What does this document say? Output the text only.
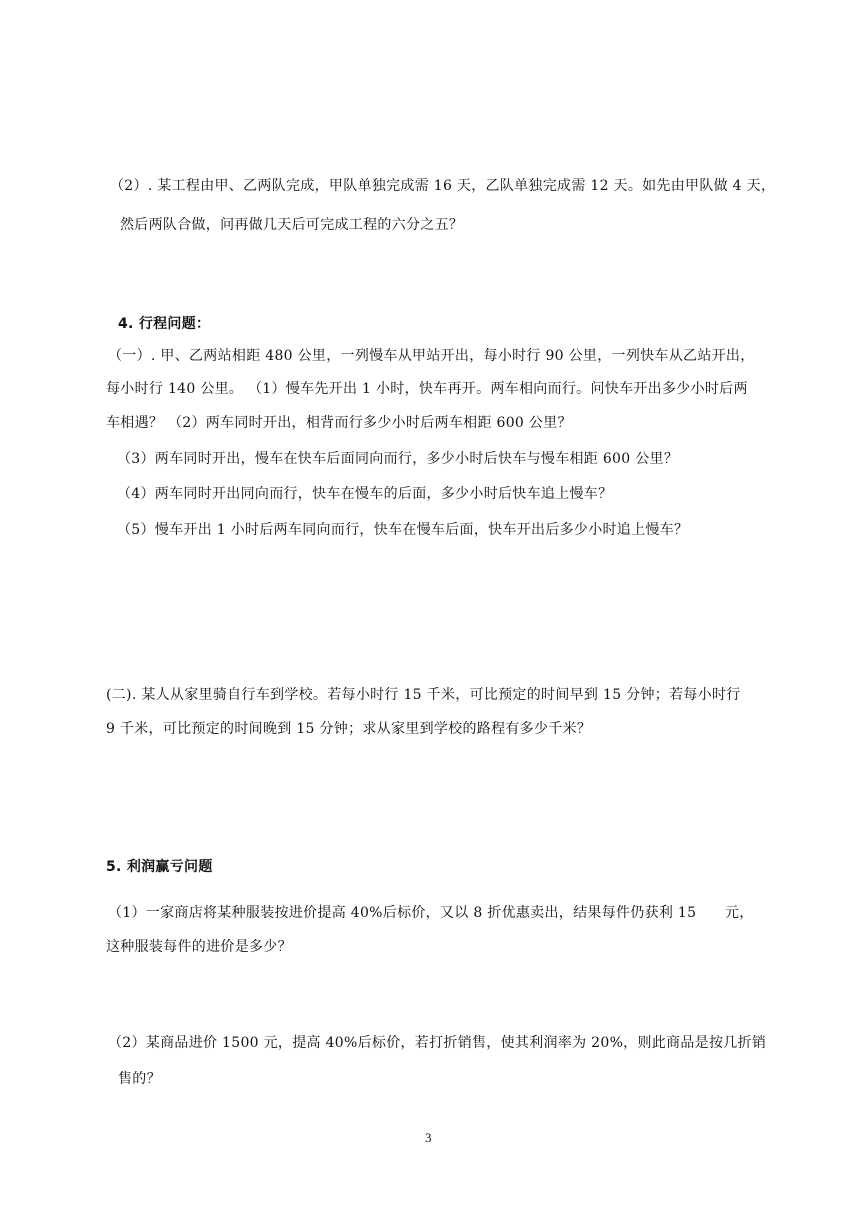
（2）. 某工程由甲、乙两队完成，甲队单独完成需 16 天，乙队单独完成需 12 天。如先由甲队做 4 天，
然后两队合做，问再做几天后可完成工程的六分之五？
4. 行程问题：
（一）. 甲、乙两站相距 480 公里，一列慢车从甲站开出，每小时行 90 公里，一列快车从乙站开出，
每小时行 140 公里。 （1）慢车先开出 1 小时，快车再开。两车相向而行。问快车开出多少小时后两
车相遇？ （2）两车同时开出，相背而行多少小时后两车相距 600 公里？
（3）两车同时开出，慢车在快车后面同向而行，多少小时后快车与慢车相距 600 公里？
（4）两车同时开出同向而行，快车在慢车的后面，多少小时后快车追上慢车？
（5）慢车开出 1 小时后两车同向而行，快车在慢车后面，快车开出后多少小时追上慢车？
(二). 某人从家里骑自行车到学校。若每小时行 15 千米，可比预定的时间早到 15 分钟；若每小时行
9 千米，可比预定的时间晚到 15 分钟；求从家里到学校的路程有多少千米？
5. 利润赢亏问题
（1）一家商店将某种服装按进价提高 40%后标价，又以 8 折优惠卖出，结果每件仍获利 15　　元，
这种服装每件的进价是多少？
（2）某商品进价 1500 元，提高 40%后标价，若打折销售，使其利润率为 20%，则此商品是按几折销
售的？
3
